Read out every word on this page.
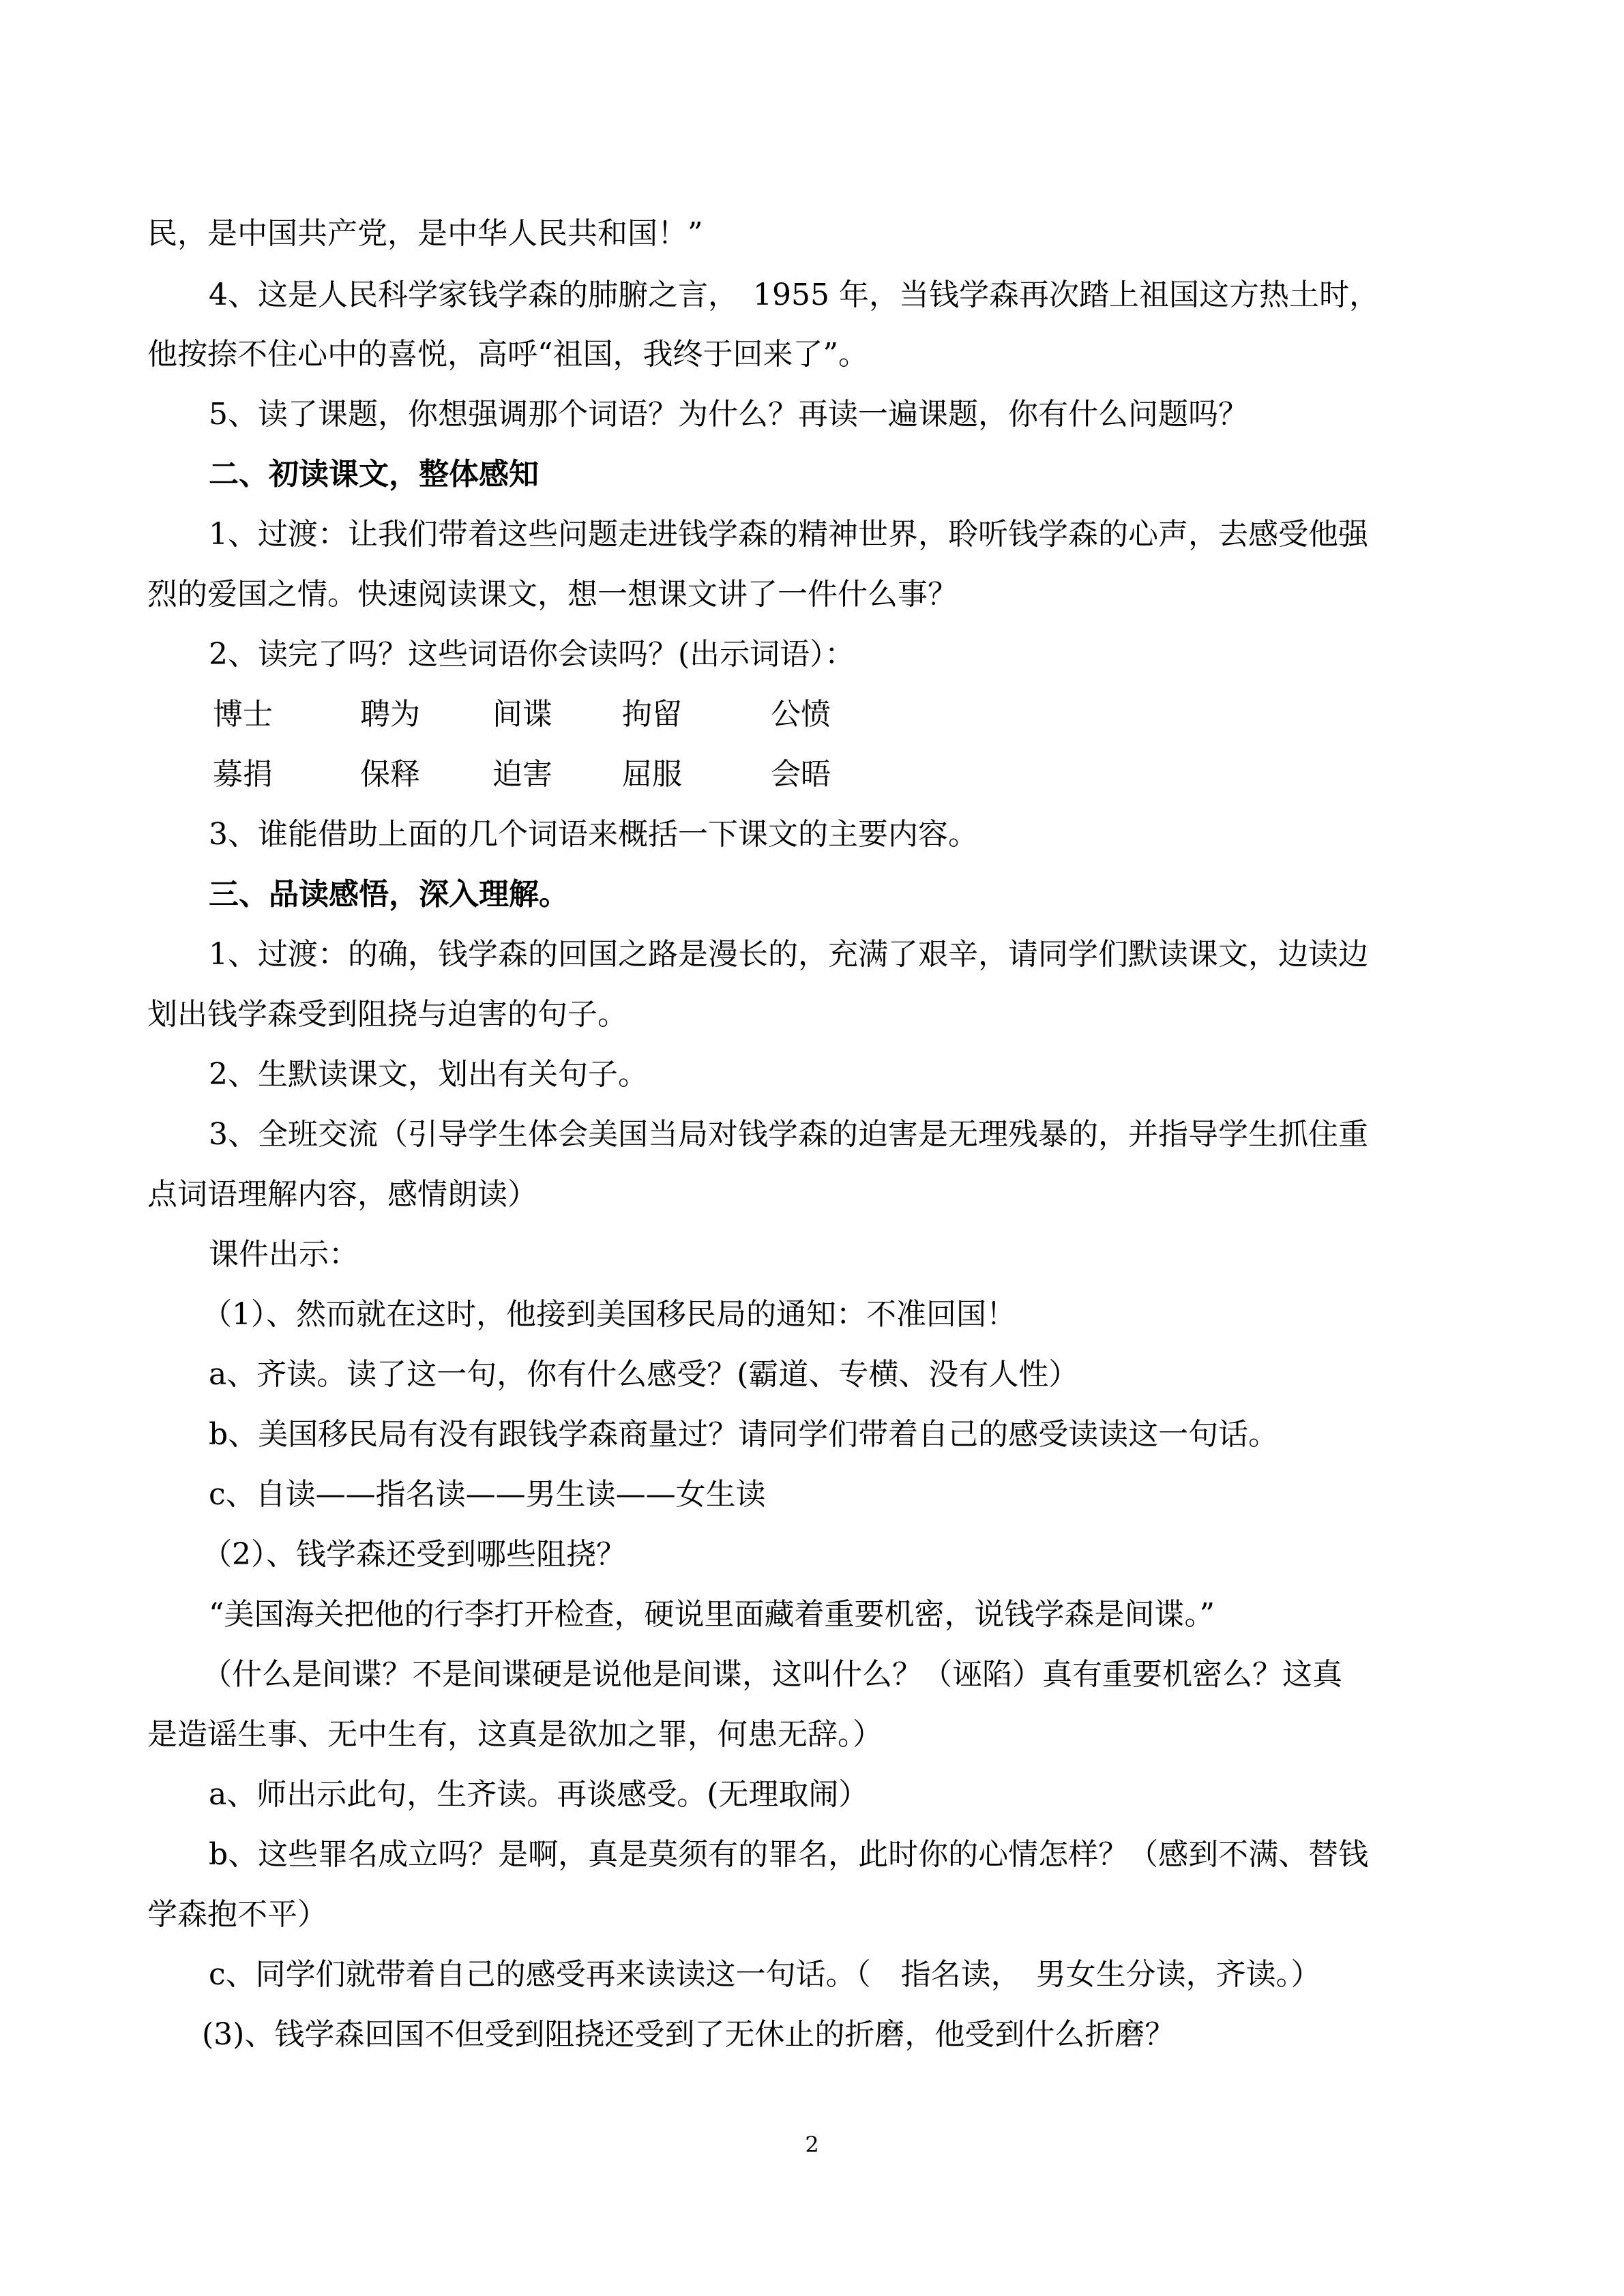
民，是中国共产党，是中华人民共和国！”
4、这是人民科学家钱学森的肺腑之言，　1955 年，当钱学森再次踏上祖国这方热土时，
他按捺不住心中的喜悦，高呼“祖国，我终于回来了”。
5、读了课题，你想强调那个词语？为什么？再读一遍课题，你有什么问题吗？
二、初读课文，整体感知
1、过渡：让我们带着这些问题走进钱学森的精神世界，聆听钱学森的心声，去感受他强
烈的爱国之情。快速阅读课文，想一想课文讲了一件什么事？
2、读完了吗？这些词语你会读吗？(出示词语）：
博士	聘为 间谍 拘留	公愤
募捐	保释 迫害 屈服	会晤
3、谁能借助上面的几个词语来概括一下课文的主要内容。
三、品读感悟，深入理解。
1、过渡：的确，钱学森的回国之路是漫长的，充满了艰辛，请同学们默读课文，边读边
划出钱学森受到阻挠与迫害的句子。
2、生默读课文，划出有关句子。
3、全班交流（引导学生体会美国当局对钱学森的迫害是无理残暴的，并指导学生抓住重
点词语理解内容，感情朗读）
课件出示：
（1）、然而就在这时，他接到美国移民局的通知：不准回国！
a、齐读。读了这一句，你有什么感受？(霸道、专横、没有人性）
b、美国移民局有没有跟钱学森商量过？请同学们带着自己的感受读读这一句话。
c、自读——指名读——男生读——女生读
（2）、钱学森还受到哪些阻挠？
“美国海关把他的行李打开检查，硬说里面藏着重要机密，说钱学森是间谍。”
（什么是间谍？不是间谍硬是说他是间谍，这叫什么？（诬陷）真有重要机密么？这真
是造谣生事、无中生有，这真是欲加之罪，何患无辞。）
a、师出示此句，生齐读。再谈感受。(无理取闹）
b、这些罪名成立吗？是啊，真是莫须有的罪名，此时你的心情怎样？（感到不满、替钱
学森抱不平）
c、同学们就带着自己的感受再来读读这一句话。（　指名读，　男女生分读，齐读。）
(3)、钱学森回国不但受到阻挠还受到了无休止的折磨，他受到什么折磨？
2
